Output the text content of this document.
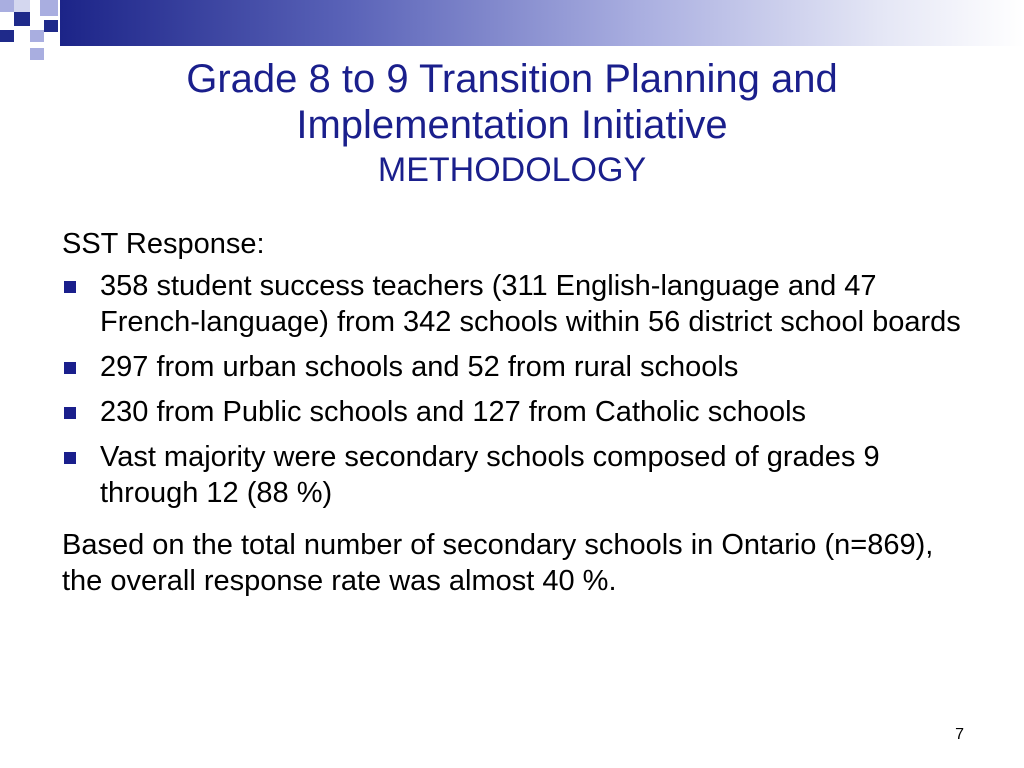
Grade 8 to 9 Transition Planning and Implementation Initiative
METHODOLOGY

SST Response:

358 student success teachers (311 English-language and 47 French-language) from 342 schools within 56 district school boards
297 from urban schools and 52 from rural schools
230 from Public schools and 127 from Catholic schools
Vast majority were secondary schools composed of grades 9 through 12 (88 %)

Based on the total number of secondary schools in Ontario (n=869), the overall response rate was almost 40 %.

7
